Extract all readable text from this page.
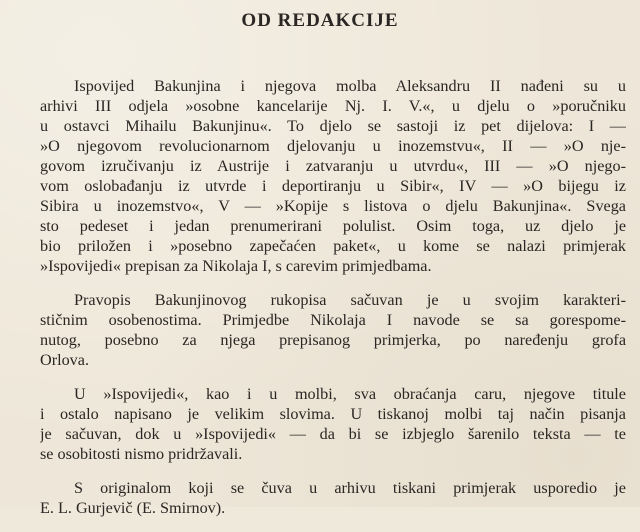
OD REDAKCIJE

Ispovijed Bakunjina i njegova molba Aleksandru II nađeni su u
arhivi III odjela »osobne kancelarije Nj. I. V.«, u djelu o »poručniku
u ostavci Mihailu Bakunjinu«. To djelo se sastoji iz pet dijelova: I —
»O njegovom revolucionarnom djelovanju u inozemstvu«, II — »O nje-
govom izručivanju iz Austrije i zatvaranju u utvrdu«, III — »O njego-
vom oslobađanju iz utvrde i deportiranju u Sibir«, IV — »O bijegu iz
Sibira u inozemstvo«, V — »Kopije s listova o djelu Bakunjina«. Svega
sto pedeset i jedan prenumerirani polulist. Osim toga, uz djelo je
bio priložen i »posebno zapečaćen paket«, u kome se nalazi primjerak
»Ispovijedi« prepisan za Nikolaja I, s carevim primjedbama.

Pravopis Bakunjinovog rukopisa sačuvan je u svojim karakteri-
stičnim osobenostima. Primjedbe Nikolaja I navode se sa gorespome-
nutog, posebno za njega prepisanog primjerka, po naređenju grofa
Orlova.

U »Ispovijedi«, kao i u molbi, sva obraćanja caru, njegove titule
i ostalo napisano je velikim slovima. U tiskanoj molbi taj način pisanja
je sačuvan, dok u »Ispovijedi« — da bi se izbjeglo šarenilo teksta — te
se osobitosti nismo pridržavali.

S originalom koji se čuva u arhivu tiskani primjerak usporedio je
E. L. Gurjevič (E. Smirnov).
